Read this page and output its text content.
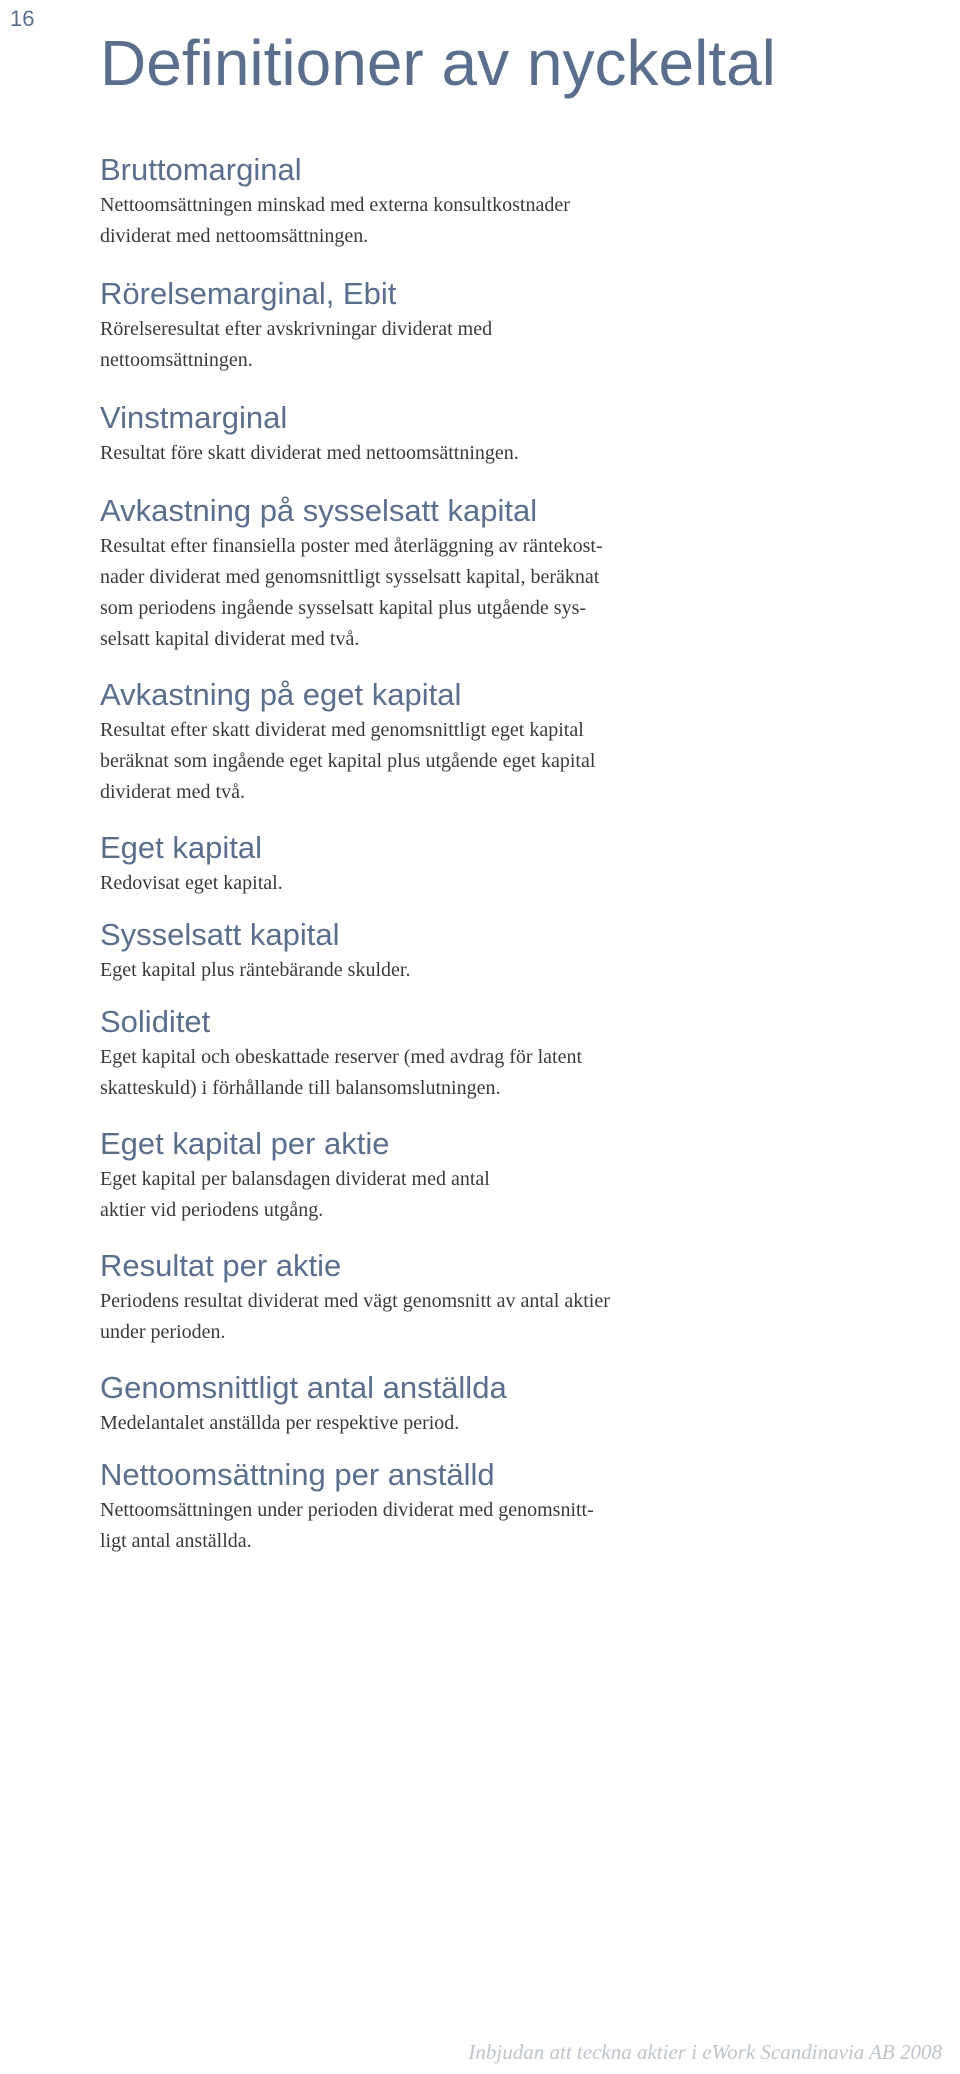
16
Definitioner av nyckeltal
Bruttomarginal
Nettoomsättningen minskad med externa konsultkostnader
dividerat med nettoomsättningen.
Rörelsemarginal, Ebit
Rörelseresultat efter avskrivningar dividerat med
nettoomsättningen.
Vinstmarginal
Resultat före skatt dividerat med nettoomsättningen.
Avkastning på sysselsatt kapital
Resultat efter finansiella poster med återläggning av räntekost-
nader dividerat med genomsnittligt sysselsatt kapital, beräknat
som periodens ingående sysselsatt kapital plus utgående sys-
selsatt kapital dividerat med två.
Avkastning på eget kapital
Resultat efter skatt dividerat med genomsnittligt eget kapital
beräknat som ingående eget kapital plus utgående eget kapital
dividerat med två.
Eget kapital
Redovisat eget kapital.
Sysselsatt kapital
Eget kapital plus räntebärande skulder.
Soliditet
Eget kapital och obeskattade reserver (med avdrag för latent
skatteskuld) i förhållande till balansomslutningen.
Eget kapital per aktie
Eget kapital per balansdagen dividerat med antal
aktier vid periodens utgång.
Resultat per aktie
Periodens resultat dividerat med vägt genomsnitt av antal aktier
under perioden.
Genomsnittligt antal anställda
Medelantalet anställda per respektive period.
Nettoomsättning per anställd
Nettoomsättningen under perioden dividerat med genomsnitt-
ligt antal anställda.
Inbjudan att teckna aktier i eWork Scandinavia AB 2008
